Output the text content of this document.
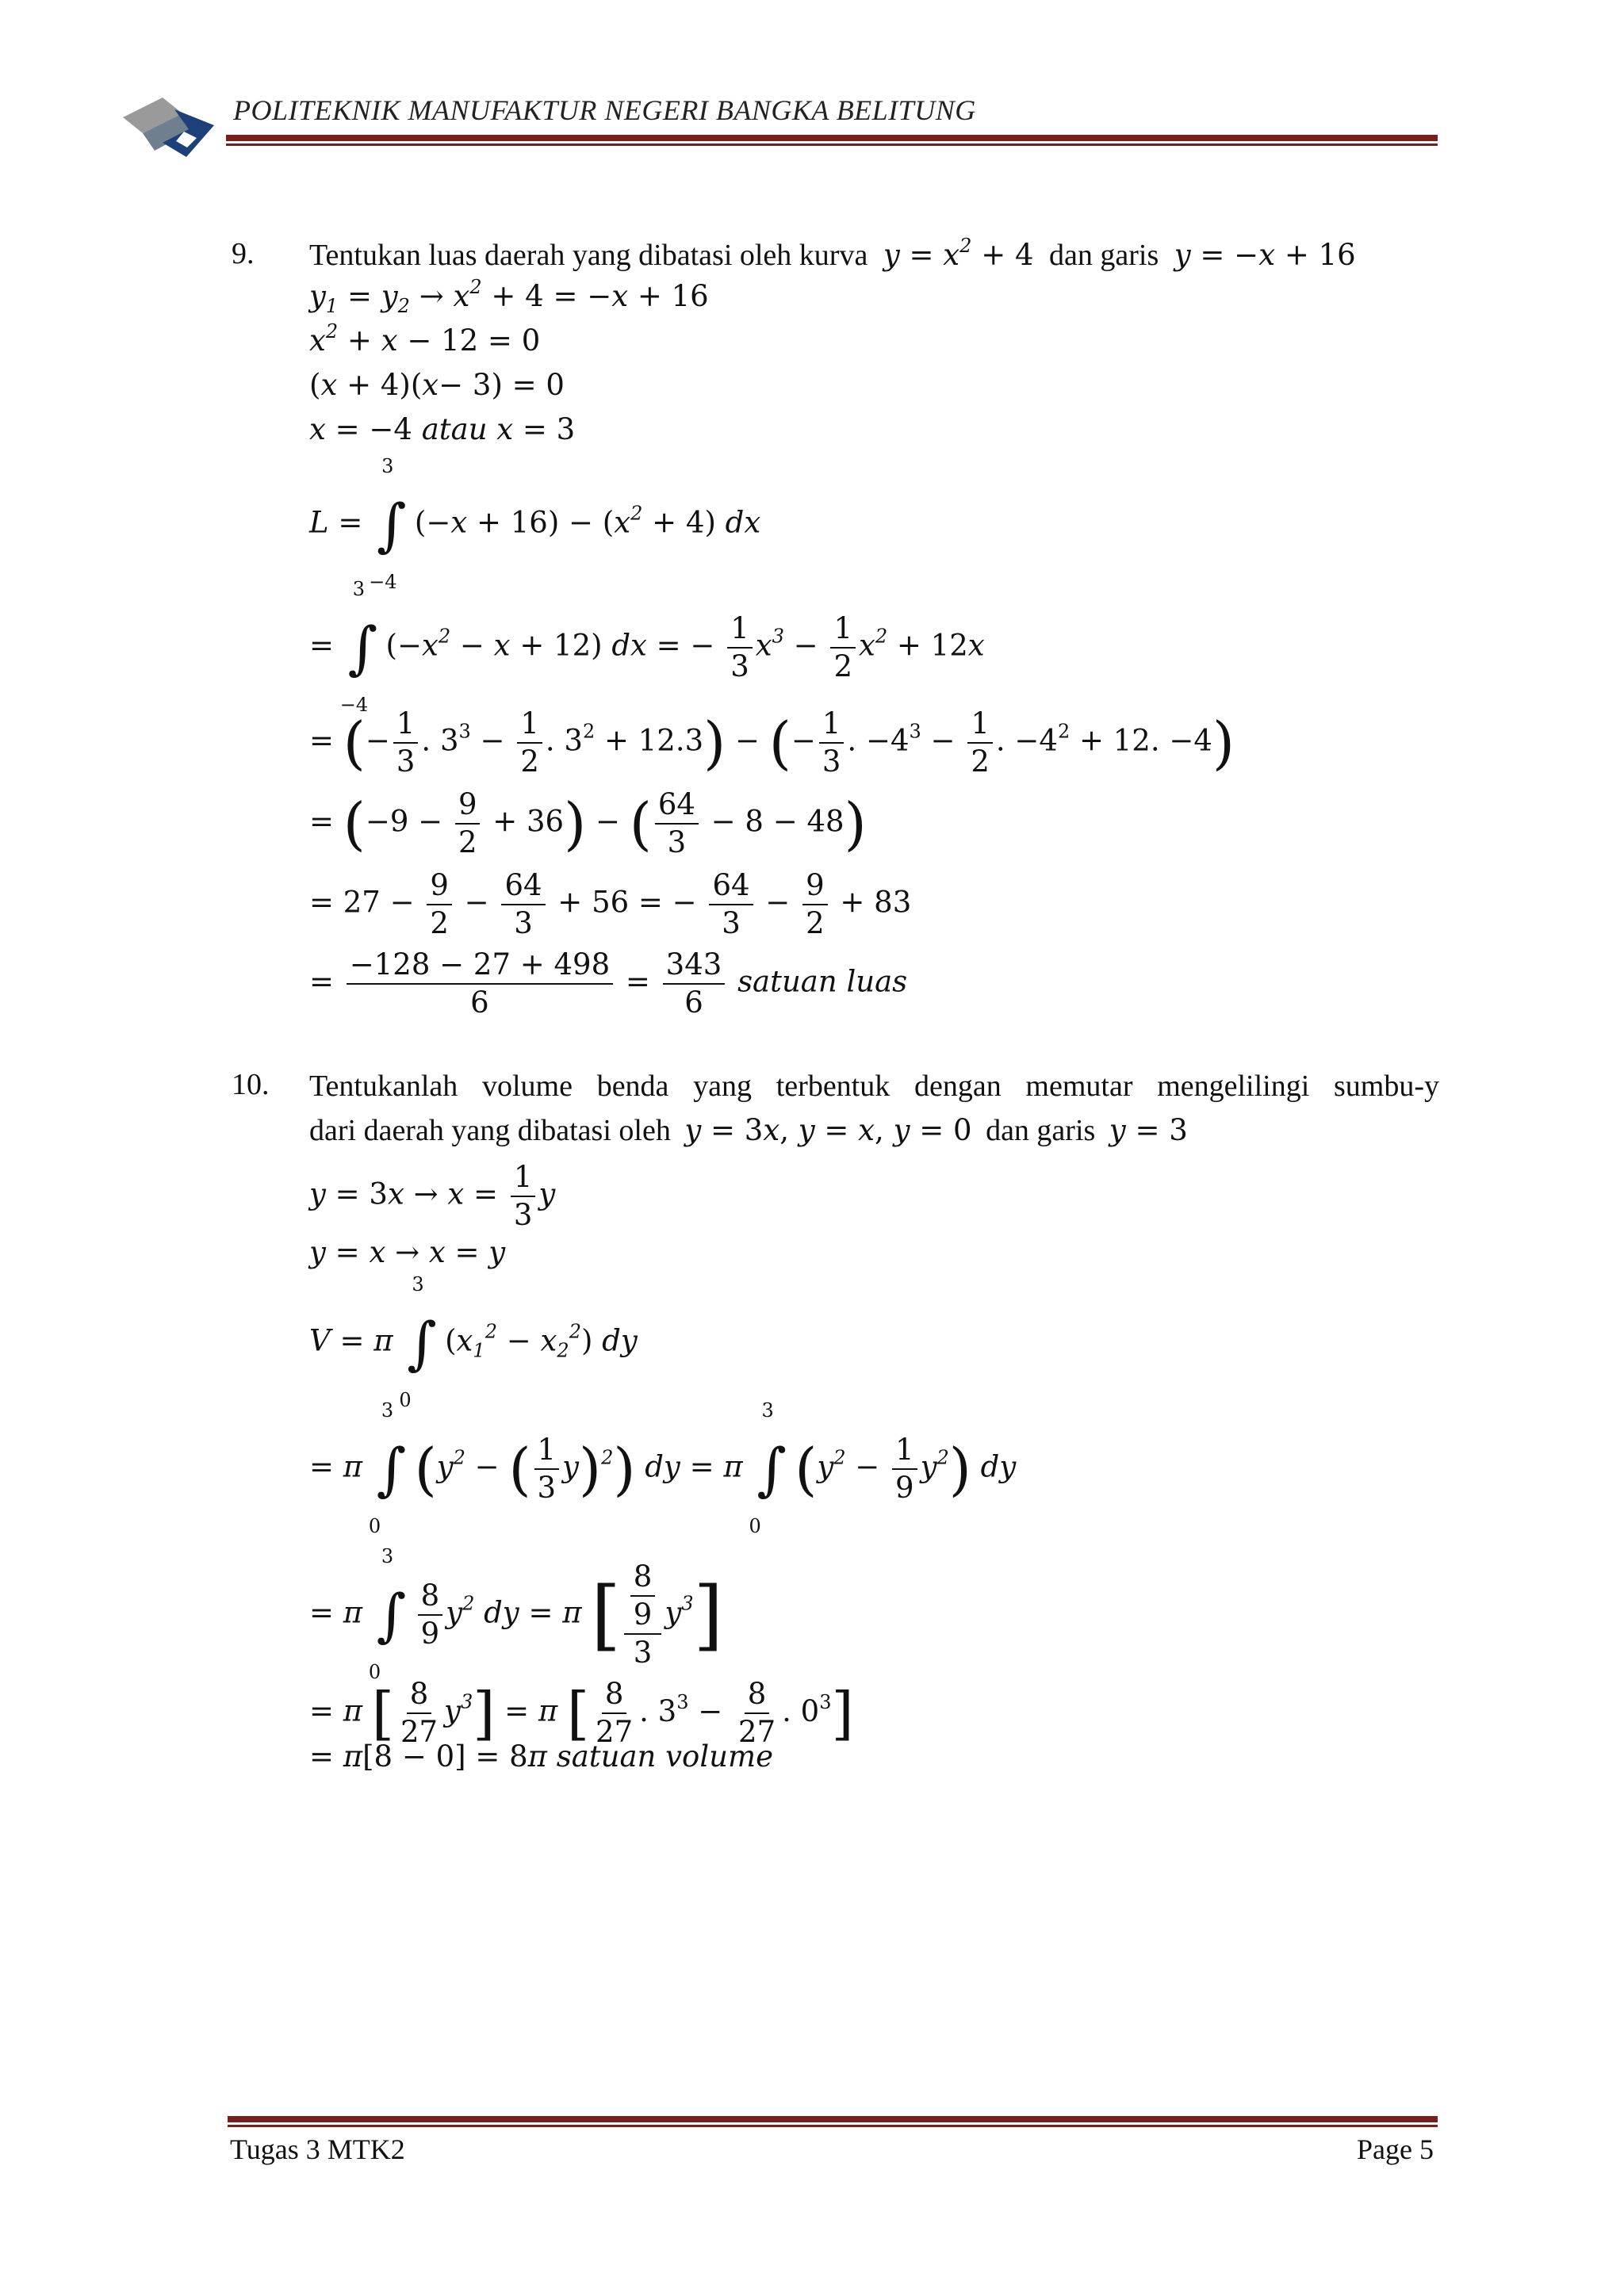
POLITEKNIK MANUFAKTUR NEGERI BANGKA BELITUNG
9. Tentukan luas daerah yang dibatasi oleh kurva $y = x^2 + 4$ dan garis y = −x + 16
$y_1 = y_2 \to x^2 + 4 = -x + 16$
$x^2 + x - 12 = 0$
(x + 4)(x− 3) = 0
x = −4 atau x = 3
L = ∫
3
−4
$(-x + 16) - (x^2 + 4)$ dx
= ∫
3
−4
$(-x^2 - x + 12)$ dx = − $\frac{1}{3} x^3 - \frac{1}{2} x^2 + 12x$
= (− $\frac{1}{3}$ . $3^3 - \frac{1}{2}$ . $3^2 + 12.3$) − (− $\frac{1}{3}$ . $-4^3 - \frac{1}{2}$ . $-4^2 + 12$. −4)
= $(-9 - \frac{9}{2} + 36)$ − ( $\frac{64}{3} - 8 - 48$)
= $27 - \frac{9}{2} - \frac{64}{3} + 56$ = − $\frac{64}{3} - \frac{9}{2} + 83$
= $\frac{-128 - 27 + 498}{6} = \frac{343}{6}$ satuan luas
10. Tentukanlah volume benda yang terbentuk dengan memutar mengelilingi sumbu-y
dari daerah yang dibatasi oleh y = 3x, y = x, y = 0 dan garis y = 3
$y = 3x \to x = \frac{1}{3}$ y
y = x → x = y
V = π ∫
3
0
$(x_1^2 - x_2^2)$ dy
= π ∫
3
0
($y^2$ − ( $\frac{1}{3} y)^2$) dy = π ∫
3
0
$(y^2 - \frac{1}{9} y^2)$ dy
= π ∫
3
0

$\frac{8}{9} y^2$ dy = π [ $\frac{\frac{8}{9}}{3} y^3$]
= π [ $\frac{8}{27} y^3] = \pi$ [ $\frac{8}{27}$ . $3^3 - \frac{8}{27}$ . $0^3$]
= π[8 − 0] = 8π satuan volume
Tugas 3 MTK2	Page 5
